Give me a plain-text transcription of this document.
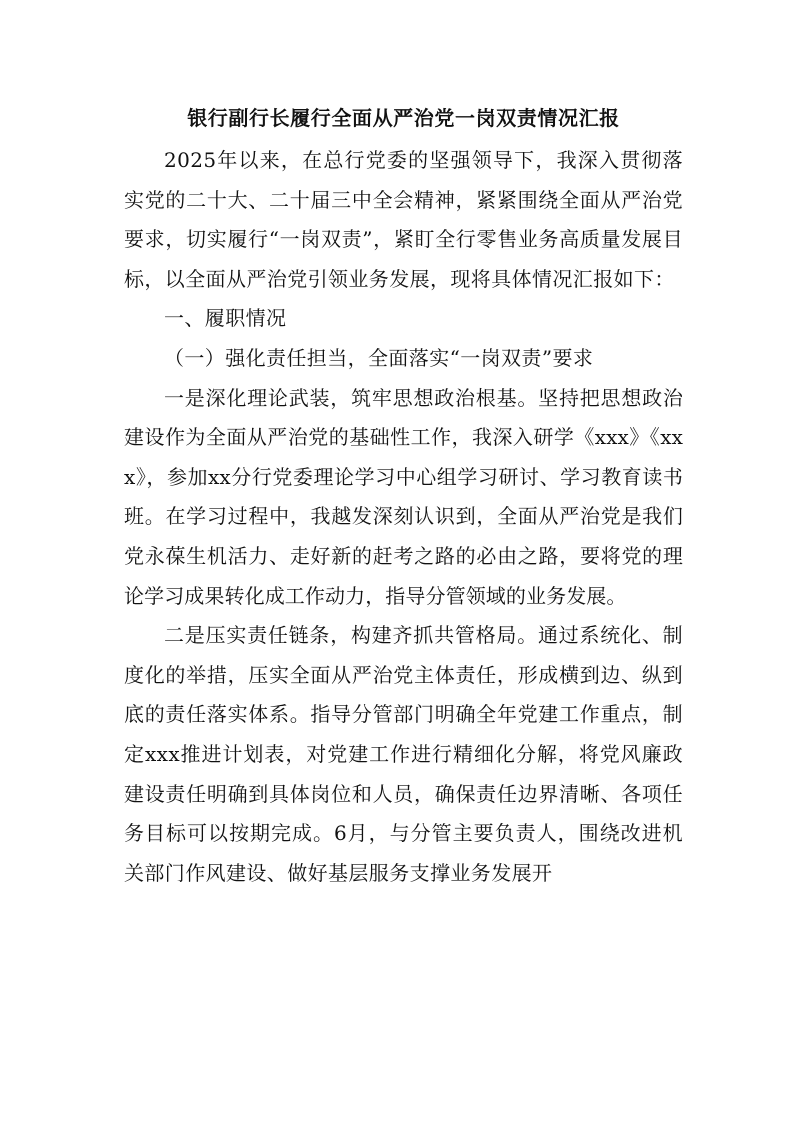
银行副行长履行全面从严治党一岗双责情况汇报

2025年以来，在总行党委的坚强领导下，我深入贯彻落实党的二十大、二十届三中全会精神，紧紧围绕全面从严治党要求，切实履行“一岗双责”，紧盯全行零售业务高质量发展目标，以全面从严治党引领业务发展，现将具体情况汇报如下：

一、履职情况

（一）强化责任担当，全面落实“一岗双责”要求

一是深化理论武装，筑牢思想政治根基。坚持把思想政治建设作为全面从严治党的基础性工作，我深入研学《xxx》《xxx》，参加xx分行党委理论学习中心组学习研讨、学习教育读书班。在学习过程中，我越发深刻认识到，全面从严治党是我们党永葆生机活力、走好新的赶考之路的必由之路，要将党的理论学习成果转化成工作动力，指导分管领域的业务发展。

二是压实责任链条，构建齐抓共管格局。通过系统化、制度化的举措，压实全面从严治党主体责任，形成横到边、纵到底的责任落实体系。指导分管部门明确全年党建工作重点，制定xxx推进计划表，对党建工作进行精细化分解，将党风廉政建设责任明确到具体岗位和人员，确保责任边界清晰、各项任务目标可以按期完成。6月，与分管主要负责人，围绕改进机关部门作风建设、做好基层服务支撑业务发展开
